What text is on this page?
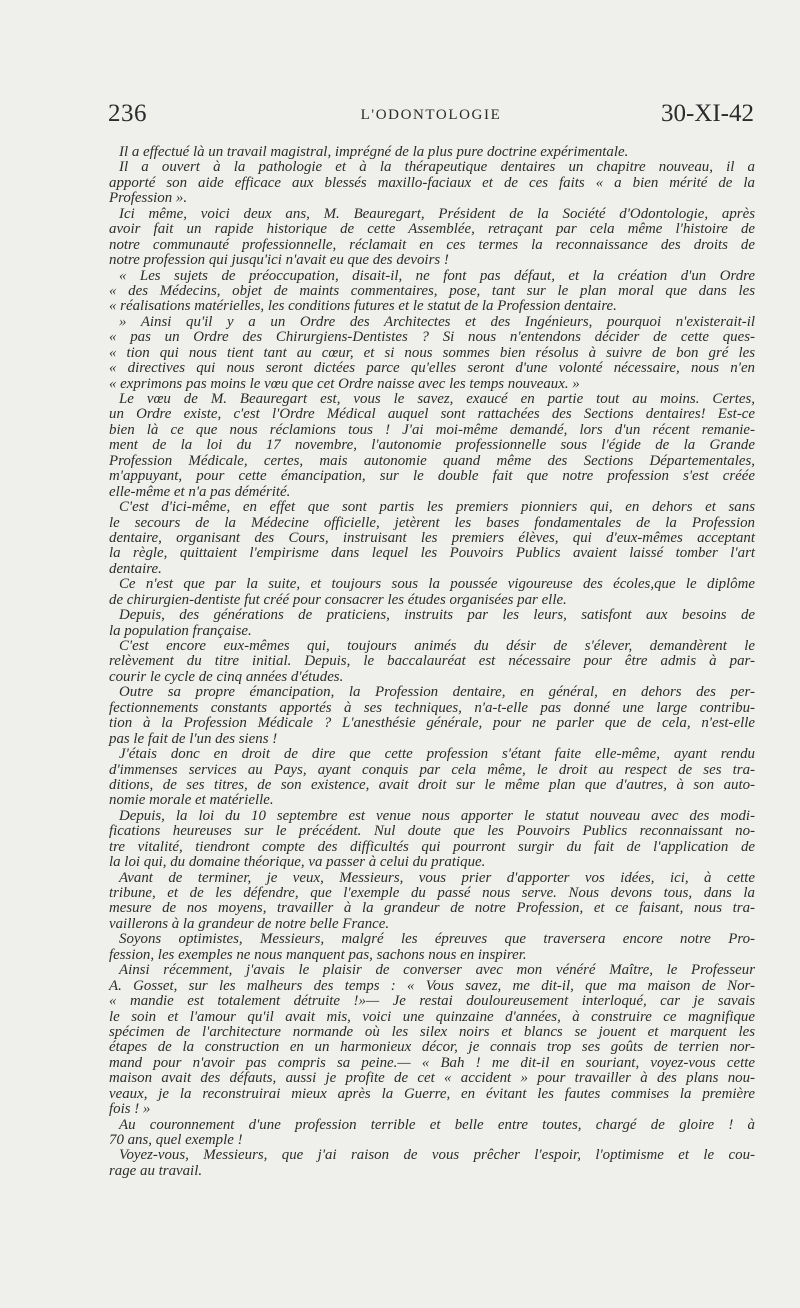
236	L'ODONTOLOGIE	30-XI-42
Il a effectué là un travail magistral, imprégné de la plus pure doctrine expérimentale.
Il a ouvert à la pathologie et à la thérapeutique dentaires un chapitre nouveau, il a
apporté son aide efficace aux blessés maxillo-faciaux et de ces faits « a bien mérité de la
Profession ».
Ici même, voici deux ans, M. Beauregart, Président de la Société d'Odontologie, après
avoir fait un rapide historique de cette Assemblée, retraçant par cela même l'histoire de
notre communauté professionnelle, réclamait en ces termes la reconnaissance des droits de
notre profession qui jusqu'ici n'avait eu que des devoirs !
« Les sujets de préoccupation, disait-il, ne font pas défaut, et la création d'un Ordre
« des Médecins, objet de maints commentaires, pose, tant sur le plan moral que dans les
« réalisations matérielles, les conditions futures et le statut de la Profession dentaire.
» Ainsi qu'il y a un Ordre des Architectes et des Ingénieurs, pourquoi n'existerait-il
« pas un Ordre des Chirurgiens-Dentistes ? Si nous n'entendons décider de cette ques-
« tion qui nous tient tant au cœur, et si nous sommes bien résolus à suivre de bon gré les
« directives qui nous seront dictées parce qu'elles seront d'une volonté nécessaire, nous n'en
« exprimons pas moins le vœu que cet Ordre naisse avec les temps nouveaux. »
Le vœu de M. Beauregart est, vous le savez, exaucé en partie tout au moins. Certes,
un Ordre existe, c'est l'Ordre Médical auquel sont rattachées des Sections dentaires! Est-ce
bien là ce que nous réclamions tous ! J'ai moi-même demandé, lors d'un récent remanie-
ment de la loi du 17 novembre, l'autonomie professionnelle sous l'égide de la Grande
Profession Médicale, certes, mais autonomie quand même des Sections Départementales,
m'appuyant, pour cette émancipation, sur le double fait que notre profession s'est créée
elle-même et n'a pas démérité.
C'est d'ici-même, en effet que sont partis les premiers pionniers qui, en dehors et sans
le secours de la Médecine officielle, jetèrent les bases fondamentales de la Profession
dentaire, organisant des Cours, instruisant les premiers élèves, qui d'eux-mêmes acceptant
la règle, quittaient l'empirisme dans lequel les Pouvoirs Publics avaient laissé tomber l'art
dentaire.
Ce n'est que par la suite, et toujours sous la poussée vigoureuse des écoles,que le diplôme
de chirurgien-dentiste fut créé pour consacrer les études organisées par elle.
Depuis, des générations de praticiens, instruits par les leurs, satisfont aux besoins de
la population française.
C'est encore eux-mêmes qui, toujours animés du désir de s'élever, demandèrent le
relèvement du titre initial. Depuis, le baccalauréat est nécessaire pour être admis à par-
courir le cycle de cinq années d'études.
Outre sa propre émancipation, la Profession dentaire, en général, en dehors des per-
fectionnements constants apportés à ses techniques, n'a-t-elle pas donné une large contribu-
tion à la Profession Médicale ? L'anesthésie générale, pour ne parler que de cela, n'est-elle
pas le fait de l'un des siens !
J'étais donc en droit de dire que cette profession s'étant faite elle-même, ayant rendu
d'immenses services au Pays, ayant conquis par cela même, le droit au respect de ses tra-
ditions, de ses titres, de son existence, avait droit sur le même plan que d'autres, à son auto-
nomie morale et matérielle.
Depuis, la loi du 10 septembre est venue nous apporter le statut nouveau avec des modi-
fications heureuses sur le précédent. Nul doute que les Pouvoirs Publics reconnaissant no-
tre vitalité, tiendront compte des difficultés qui pourront surgir du fait de l'application de
la loi qui, du domaine théorique, va passer à celui du pratique.
Avant de terminer, je veux, Messieurs, vous prier d'apporter vos idées, ici, à cette
tribune, et de les défendre, que l'exemple du passé nous serve. Nous devons tous, dans la
mesure de nos moyens, travailler à la grandeur de notre Profession, et ce faisant, nous tra-
vaillerons à la grandeur de notre belle France.
Soyons optimistes, Messieurs, malgré les épreuves que traversera encore notre Pro-
fession, les exemples ne nous manquent pas, sachons nous en inspirer.
Ainsi récemment, j'avais le plaisir de converser avec mon vénéré Maître, le Professeur
A. Gosset, sur les malheurs des temps : « Vous savez, me dit-il, que ma maison de Nor-
« mandie est totalement détruite !»— Je restai douloureusement interloqué, car je savais
le soin et l'amour qu'il avait mis, voici une quinzaine d'années, à construire ce magnifique
spécimen de l'architecture normande où les silex noirs et blancs se jouent et marquent les
étapes de la construction en un harmonieux décor, je connais trop ses goûts de terrien nor-
mand pour n'avoir pas compris sa peine.— « Bah ! me dit-il en souriant, voyez-vous cette
maison avait des défauts, aussi je profite de cet « accident » pour travailler à des plans nou-
veaux, je la reconstruirai mieux après la Guerre, en évitant les fautes commises la première
fois ! »
Au couronnement d'une profession terrible et belle entre toutes, chargé de gloire ! à
70 ans, quel exemple !
Voyez-vous, Messieurs, que j'ai raison de vous prêcher l'espoir, l'optimisme et le cou-
rage au travail.
